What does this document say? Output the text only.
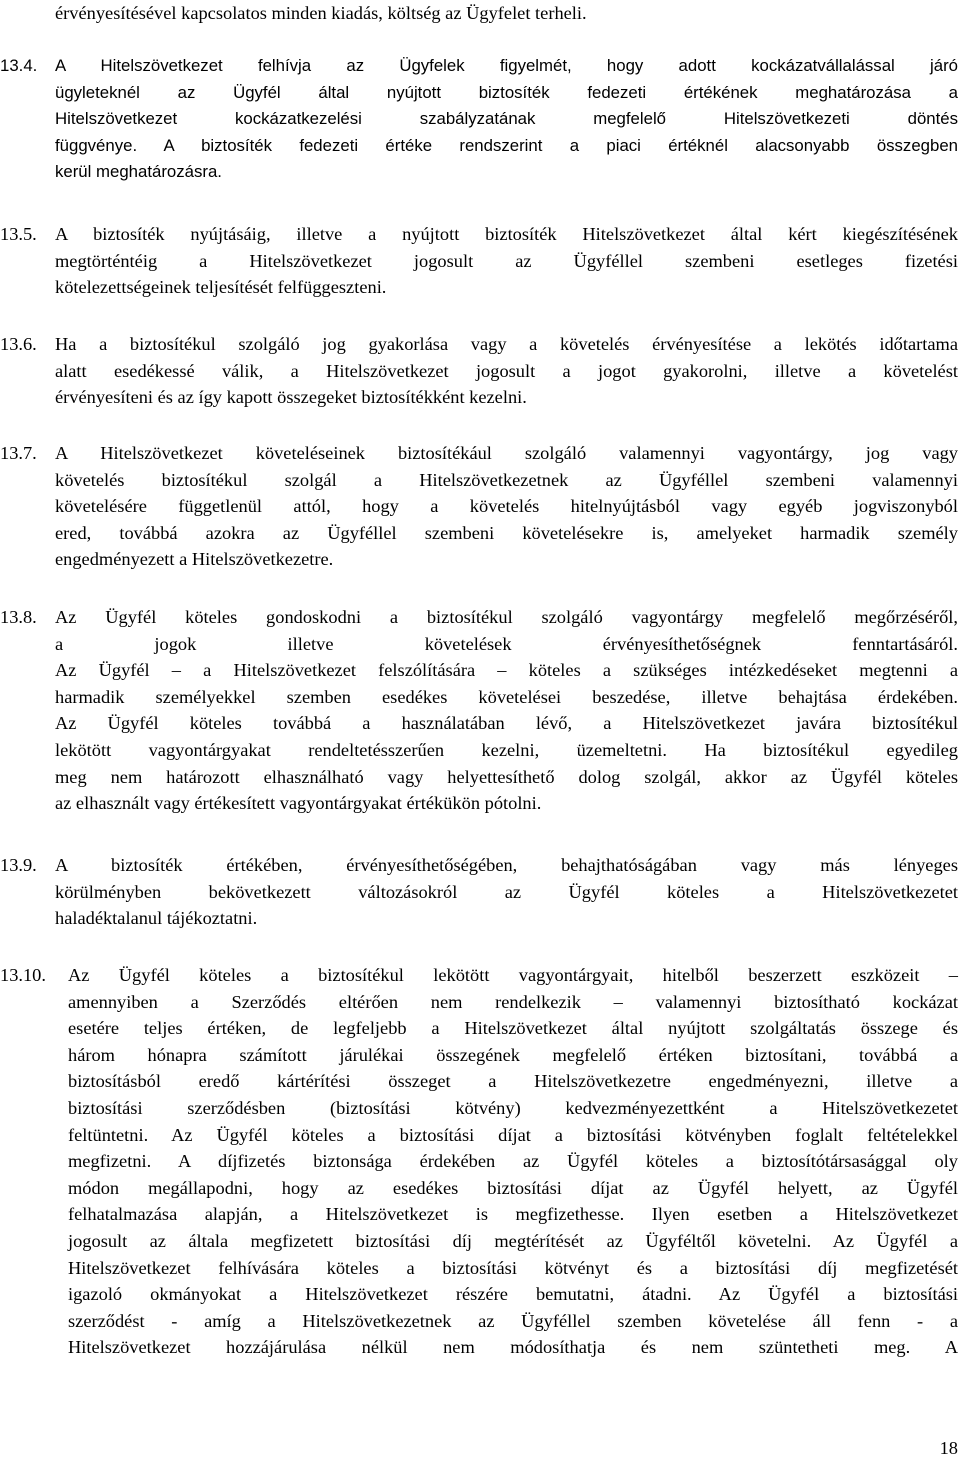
érvényesítésével kapcsolatos minden kiadás, költség az Ügyfelet terheli.
13.4. A Hitelszövetkezet felhívja az Ügyfelek figyelmét, hogy adott kockázatvállalással járó
ügyleteknél az Ügyfél által nyújtott biztosíték fedezeti értékének meghatározása a
Hitelszövetkezet kockázatkezelési szabályzatának megfelelő Hitelszövetkezeti döntés
függvénye. A biztosíték fedezeti értéke rendszerint a piaci értéknél alacsonyabb összegben
kerül meghatározásra.
13.5. A biztosíték nyújtásáig, illetve a nyújtott biztosíték Hitelszövetkezet által kért kiegészítésének
megtörténtéig a Hitelszövetkezet jogosult az Ügyféllel szembeni esetleges fizetési
kötelezettségeinek teljesítését felfüggeszteni.
13.6. Ha a biztosítékul szolgáló jog gyakorlása vagy a követelés érvényesítése a lekötés időtartama
alatt esedékessé válik, a Hitelszövetkezet jogosult a jogot gyakorolni, illetve a követelést
érvényesíteni és az így kapott összegeket biztosítékként kezelni.
13.7. A Hitelszövetkezet követeléseinek biztosítékául szolgáló valamennyi vagyontárgy, jog vagy
követelés biztosítékul szolgál a Hitelszövetkezetnek az Ügyféllel szembeni valamennyi
követelésére függetlenül attól, hogy a követelés hitelnyújtásból vagy egyéb jogviszonyból
ered, továbbá azokra az Ügyféllel szembeni követelésekre is, amelyeket harmadik személy
engedményezett a Hitelszövetkezetre.
13.8. Az Ügyfél köteles gondoskodni a biztosítékul szolgáló vagyontárgy megfelelő megőrzéséről,
a jogok illetve követelések érvényesíthetőségnek fenntartásáról.
Az Ügyfél – a Hitelszövetkezet felszólítására – köteles a szükséges intézkedéseket megtenni a
harmadik személyekkel szemben esedékes követelései beszedése, illetve behajtása érdekében.
Az Ügyfél köteles továbbá a használatában lévő, a Hitelszövetkezet javára biztosítékul
lekötött vagyontárgyakat rendeltetésszerűen kezelni, üzemeltetni. Ha biztosítékul egyedileg
meg nem határozott elhasználható vagy helyettesíthető dolog szolgál, akkor az Ügyfél köteles
az elhasznált vagy értékesített vagyontárgyakat értékükön pótolni.
13.9. A biztosíték értékében, érvényesíthetőségében, behajthatóságában vagy más lényeges
körülményben bekövetkezett változásokról az Ügyfél köteles a Hitelszövetkezetet
haladéktalanul tájékoztatni.
13.10. Az Ügyfél köteles a biztosítékul lekötött vagyontárgyait, hitelből beszerzett eszközeit –
amennyiben a Szerződés eltérően nem rendelkezik – valamennyi biztosítható kockázat
esetére teljes értéken, de legfeljebb a Hitelszövetkezet által nyújtott szolgáltatás összege és
három hónapra számított járulékai összegének megfelelő értéken biztosítani, továbbá a
biztosításból eredő kártérítési összeget a Hitelszövetkezetre engedményezni, illetve a
biztosítási szerződésben (biztosítási kötvény) kedvezményezettként a Hitelszövetkezetet
feltüntetni. Az Ügyfél köteles a biztosítási díjat a biztosítási kötvényben foglalt feltételekkel
megfizetni. A díjfizetés biztonsága érdekében az Ügyfél köteles a biztosítótársasággal oly
módon megállapodni, hogy az esedékes biztosítási díjat az Ügyfél helyett, az Ügyfél
felhatalmazása alapján, a Hitelszövetkezet is megfizethesse. Ilyen esetben a Hitelszövetkezet
jogosult az általa megfizetett biztosítási díj megtérítését az Ügyféltől követelni. Az Ügyfél a
Hitelszövetkezet felhívására köteles a biztosítási kötvényt és a biztosítási díj megfizetését
igazoló okmányokat a Hitelszövetkezet részére bemutatni, átadni. Az Ügyfél a biztosítási
szerződést - amíg a Hitelszövetkezetnek az Ügyféllel szemben követelése áll fenn - a
Hitelszövetkezet hozzájárulása nélkül nem módosíthatja és nem szüntetheti meg. A
18
